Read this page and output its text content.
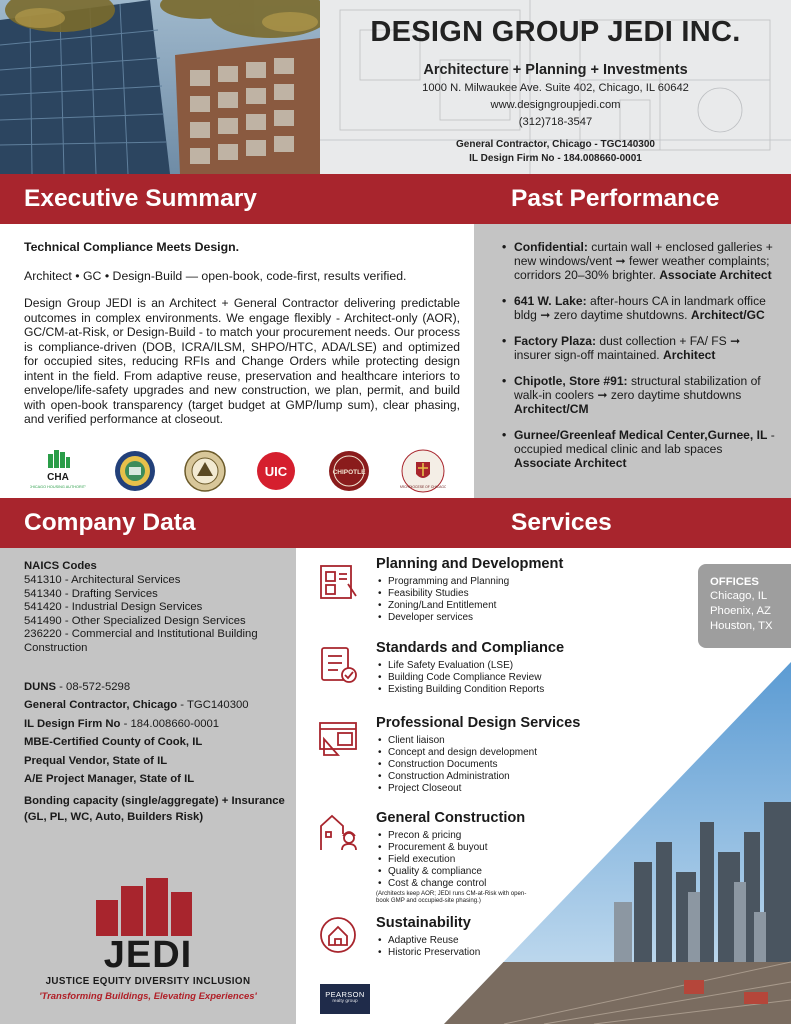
DESIGN GROUP JEDI INC.
Architecture + Planning + Investments
1000 N. Milwaukee Ave. Suite 402, Chicago, IL 60642
www.designgroupjedi.com
(312)718-3547
General Contractor, Chicago - TGC140300
IL Design Firm No - 184.008660-0001
Executive Summary	Past Performance
Company Data	Services
Technical Compliance Meets Design.
Architect • GC • Design-Build — open-book, code-first, results verified.
Design Group JEDI is an Architect + General Contractor delivering predictable outcomes in complex environments. We engage flexibly - Architect-only (AOR), GC/CM-at-Risk, or Design-Build - to match your procurement needs. Our process is compliance-driven (DOB, ICRA/ILSM, SHPO/HTC, ADA/LSE) and optimized for occupied sites, reducing RFIs and Change Orders while protecting design intent in the field. From adaptive reuse, preservation and healthcare interiors to envelope/life-safety upgrades and new construction, we plan, permit, and build with open-book transparency (target budget at GMP/lump sum), clear phasing, and verified performance at closeout.
CHA
CHICAGO HOUSING AUTHORITY
UIC	CHIPOTLE
ARCHDIOCESE OF CHICAGO
• Confidential: curtain wall + enclosed galleries + new windows/vent ➞ fewer weather complaints; corridors 20–30% brighter. Associate Architect
• 641 W. Lake: after-hours CA in landmark office bldg ➞ zero daytime shutdowns. Architect/GC
• Factory Plaza: dust collection + FA/ FS ➞ insurer sign-off maintained. Architect
• Chipotle, Store #91: structural stabilization of walk-in coolers ➞ zero daytime shutdowns Architect/CM
• Gurnee/Greenleaf Medical Center,Gurnee, IL - occupied medical clinic and lab spaces Associate Architect
NAICS Codes
541310 - Architectural Services
541340 - Drafting Services
541420 - Industrial Design Services
541490 - Other Specialized Design Services
236220 - Commercial and Institutional Building Construction
DUNS - 08-572-5298
General Contractor, Chicago - TGC140300
IL Design Firm No - 184.008660-0001
MBE-Certified County of Cook, IL
Prequal Vendor, State of IL
A/E Project Manager, State of IL
Bonding capacity (single/aggregate) + Insurance (GL, PL, WC, Auto, Builders Risk)
JEDI
JUSTICE EQUITY DIVERSITY INCLUSION
'Transforming Buildings, Elevating Experiences'
OFFICES
Chicago, IL
Phoenix, AZ
Houston, TX
Planning and Development
• Programming and Planning
• Feasibility Studies
• Zoning/Land Entitlement
• Developer services
Standards and Compliance
• Life Safety Evaluation (LSE)
• Building Code Compliance Review
• Existing Building Condition Reports
Professional Design Services
• Client liaison
• Concept and design development
• Construction Documents
• Construction Administration
• Project Closeout
General Construction
• Precon & pricing
• Procurement & buyout
• Field execution
• Quality & compliance
• Cost & change control
(Architects keep AOR; JEDI runs CM-at-Risk with open-book GMP and occupied-site phasing.)
Sustainability
• Adaptive Reuse
• Historic Preservation
PEARSON
realty group
